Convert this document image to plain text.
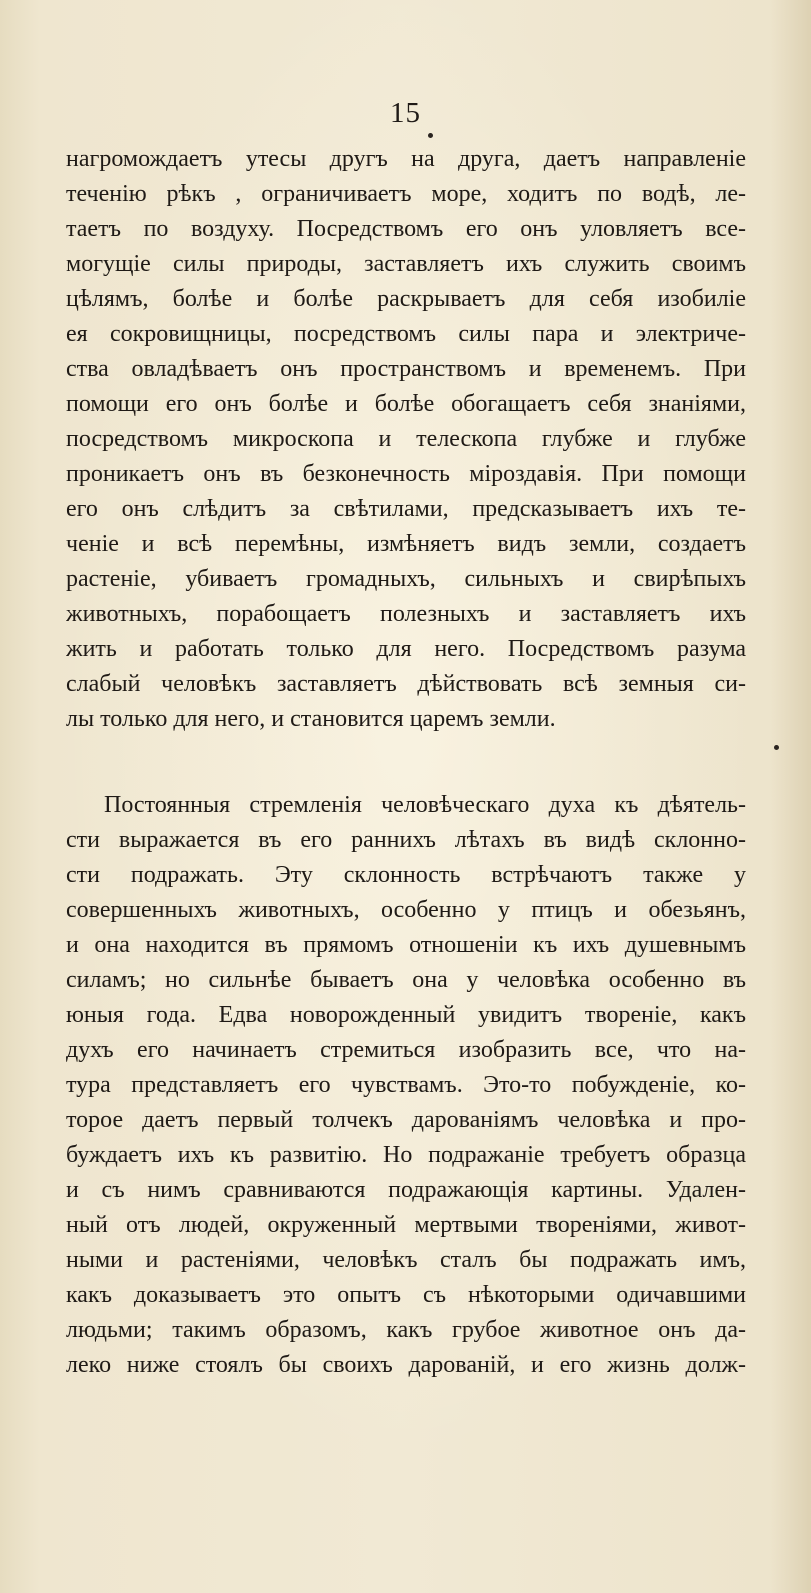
15
нагромождаетъ утесы другъ на друга, даетъ направленіе
теченію рѣкъ , ограничиваетъ море, ходитъ по водѣ, ле-
таетъ по воздуху. Посредствомъ его онъ уловляетъ все-
могущіе силы природы, заставляетъ ихъ служить своимъ
цѣлямъ, болѣе и болѣе раскрываетъ для себя изобиліе
ея сокровищницы, посредствомъ силы пара и электриче-
ства овладѣваетъ онъ пространствомъ и временемъ. При
помощи его онъ болѣе и болѣе обогащаетъ себя знаніями,
посредствомъ микроскопа и телескопа глубже и глубже
проникаетъ онъ въ безконечность міроздавія. При помощи
его онъ слѣдитъ за свѣтилами, предсказываетъ ихъ те-
ченіе и всѣ перемѣны, измѣняетъ видъ земли, создаетъ
растеніе, убиваетъ громадныхъ, сильныхъ и свирѣпыхъ
животныхъ, порабощаетъ полезныхъ и заставляетъ ихъ
жить и работать только для него. Посредствомъ разума
слабый человѣкъ заставляетъ дѣйствовать всѣ земныя си-
лы только для него, и становится царемъ земли.
Постоянныя стремленія человѣческаго духа къ дѣятель-
сти выражается въ его раннихъ лѣтахъ въ видѣ склонно-
сти подражать. Эту склонность встрѣчаютъ также у
совершенныхъ животныхъ, особенно у птицъ и обезьянъ,
и она находится въ прямомъ отношеніи къ ихъ душевнымъ
силамъ; но сильнѣе бываетъ она у человѣка особенно въ
юныя года. Едва новорожденный увидитъ твореніе, какъ
духъ его начинаетъ стремиться изобразить все, что на-
тура представляетъ его чувствамъ. Это-то побужденіе, ко-
торое даетъ первый толчекъ дарованіямъ человѣка и про-
буждаетъ ихъ къ развитію. Но подражаніе требуетъ образца
и съ нимъ сравниваются подражающія картины. Удален-
ный отъ людей, окруженный мертвыми твореніями, живот-
ными и растеніями, человѣкъ сталъ бы подражать имъ,
какъ доказываетъ это опытъ съ нѣкоторыми одичавшими
людьми; такимъ образомъ, какъ грубое животное онъ да-
леко ниже стоялъ бы своихъ дарованій, и его жизнь долж-
